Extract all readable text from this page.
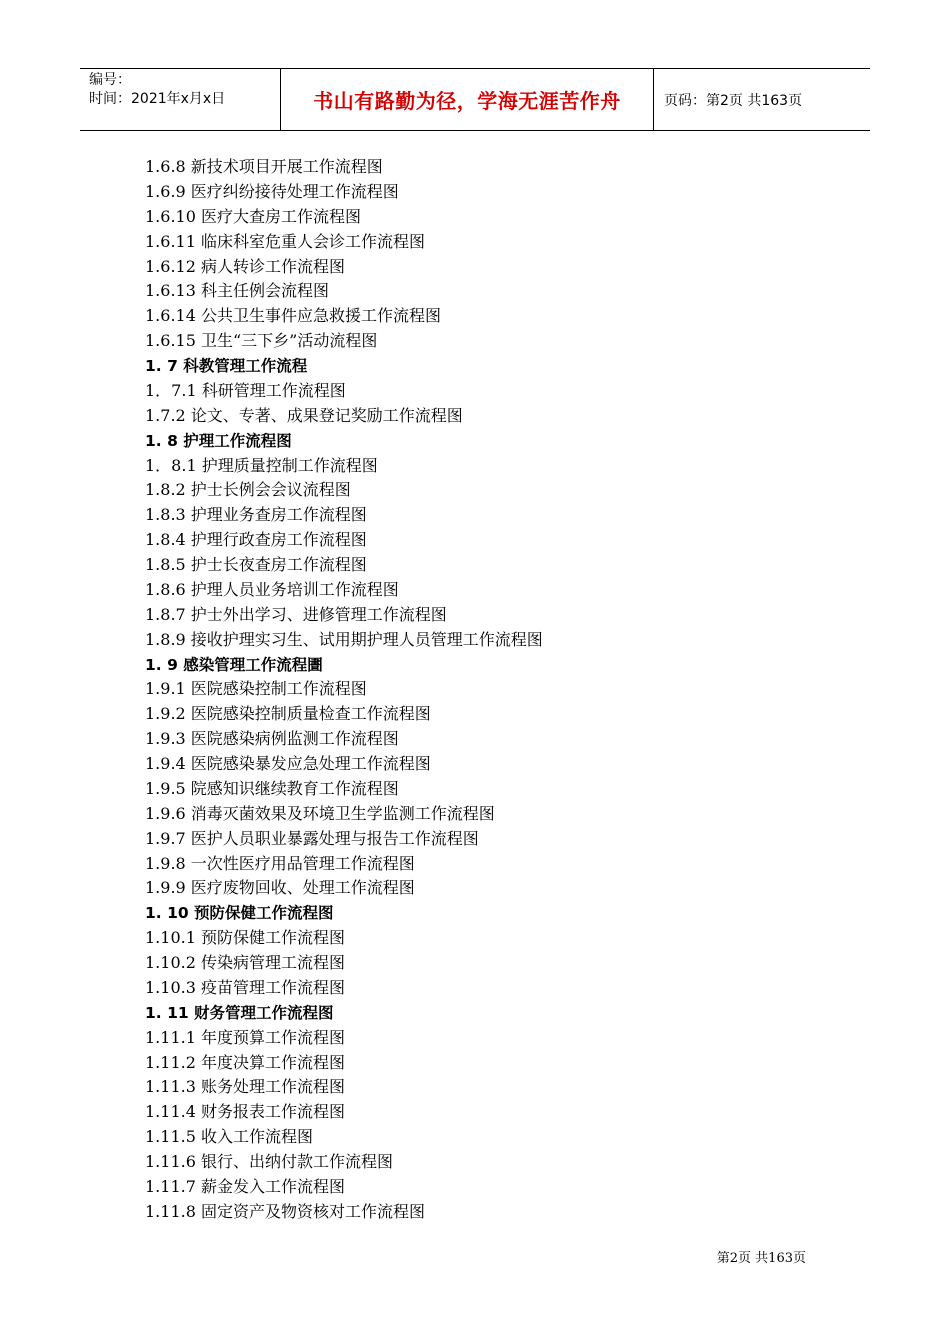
编号：
时间：2021年x月x日	书山有路勤为径，学海无涯苦作舟	页码：第2页 共163页
1.6.8 新技术项目开展工作流程图
1.6.9 医疗纠纷接待处理工作流程图
1.6.10 医疗大查房工作流程图
1.6.11 临床科室危重人会诊工作流程图
1.6.12 病人转诊工作流程图
1.6.13 科主任例会流程图
1.6.14 公共卫生事件应急救援工作流程图
1.6.15 卫生“三下乡”活动流程图
1. 7 科教管理工作流程
1．7.1 科研管理工作流程图
1.7.2 论文、专著、成果登记奖励工作流程图
1. 8 护理工作流程图
1．8.1 护理质量控制工作流程图
1.8.2 护士长例会会议流程图
1.8.3 护理业务查房工作流程图
1.8.4 护理行政查房工作流程图
1.8.5 护士长夜查房工作流程图
1.8.6 护理人员业务培训工作流程图
1.8.7 护士外出学习、进修管理工作流程图
1.8.9 接收护理实习生、试用期护理人员管理工作流程图
1. 9 感染管理工作流程圕
1.9.1 医院感染控制工作流程图
1.9.2 医院感染控制质量检查工作流程图
1.9.3 医院感染病例监测工作流程图
1.9.4 医院感染暴发应急处理工作流程图
1.9.5 院感知识继续教育工作流程图
1.9.6 消毒灭菌效果及环境卫生学监测工作流程图
1.9.7 医护人员职业暴露处理与报告工作流程图
1.9.8 一次性医疗用品管理工作流程图
1.9.9 医疗废物回收、处理工作流程图
1. 10 预防保健工作流程图
1.10.1 预防保健工作流程图
1.10.2 传染病管理工流程图
1.10.3 疫苗管理工作流程图
1. 11 财务管理工作流程图
1.11.1 年度预算工作流程图
1.11.2 年度决算工作流程图
1.11.3 账务处理工作流程图
1.11.4 财务报表工作流程图
1.11.5 收入工作流程图
1.11.6 银行、出纳付款工作流程图
1.11.7 薪金发入工作流程图
1.11.8 固定资产及物资核对工作流程图
第2页 共163页
